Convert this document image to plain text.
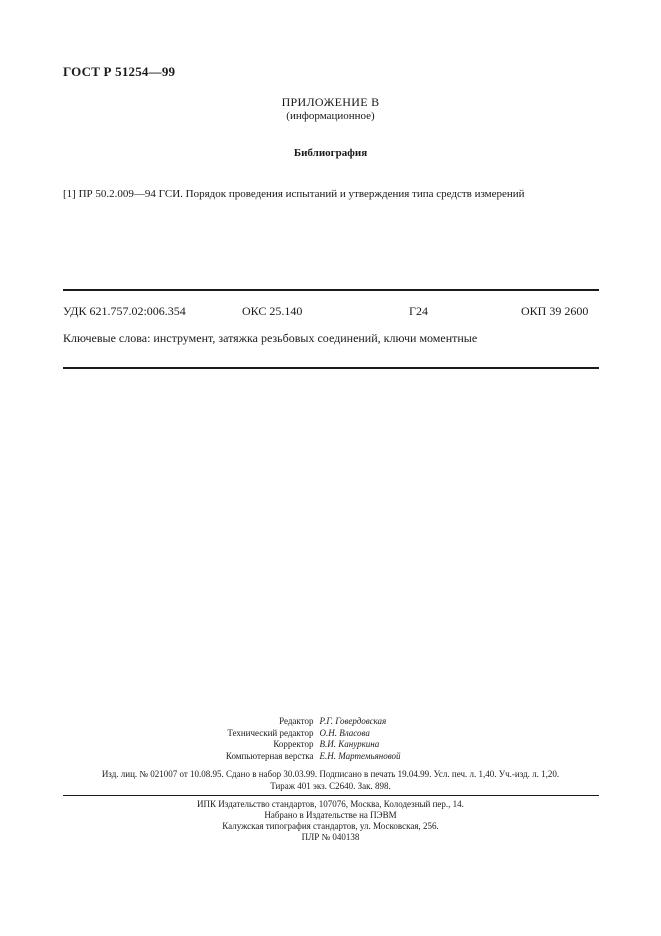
ГОСТ Р 51254—99
ПРИЛОЖЕНИЕ В
(информационное)
Библиография
[1] ПР 50.2.009—94 ГСИ. Порядок проведения испытаний и утверждения типа средств измерений
УДК 621.757.02:006.354	ОКС 25.140	Г24	ОКП 39 2600
Ключевые слова: инструмент, затяжка резьбовых соединений, ключи моментные
Редактор Р.Г. Говердовская
Технический редактор О.Н. Власова
Корректор В.И. Кануркина
Компьютерная верстка Е.Н. Мартемьяновой
Изд. лиц. № 021007 от 10.08.95. Сдано в набор 30.03.99. Подписано в печать 19.04.99. Усл. печ. л. 1,40. Уч.-изд. л. 1,20.
Тираж 401 экз. С2640. Зак. 898.
ИПК Издательство стандартов, 107076, Москва, Колодезный пер., 14.
Набрано в Издательстве на ПЭВМ
Калужская типография стандартов, ул. Московская, 256.
ПЛР № 040138
